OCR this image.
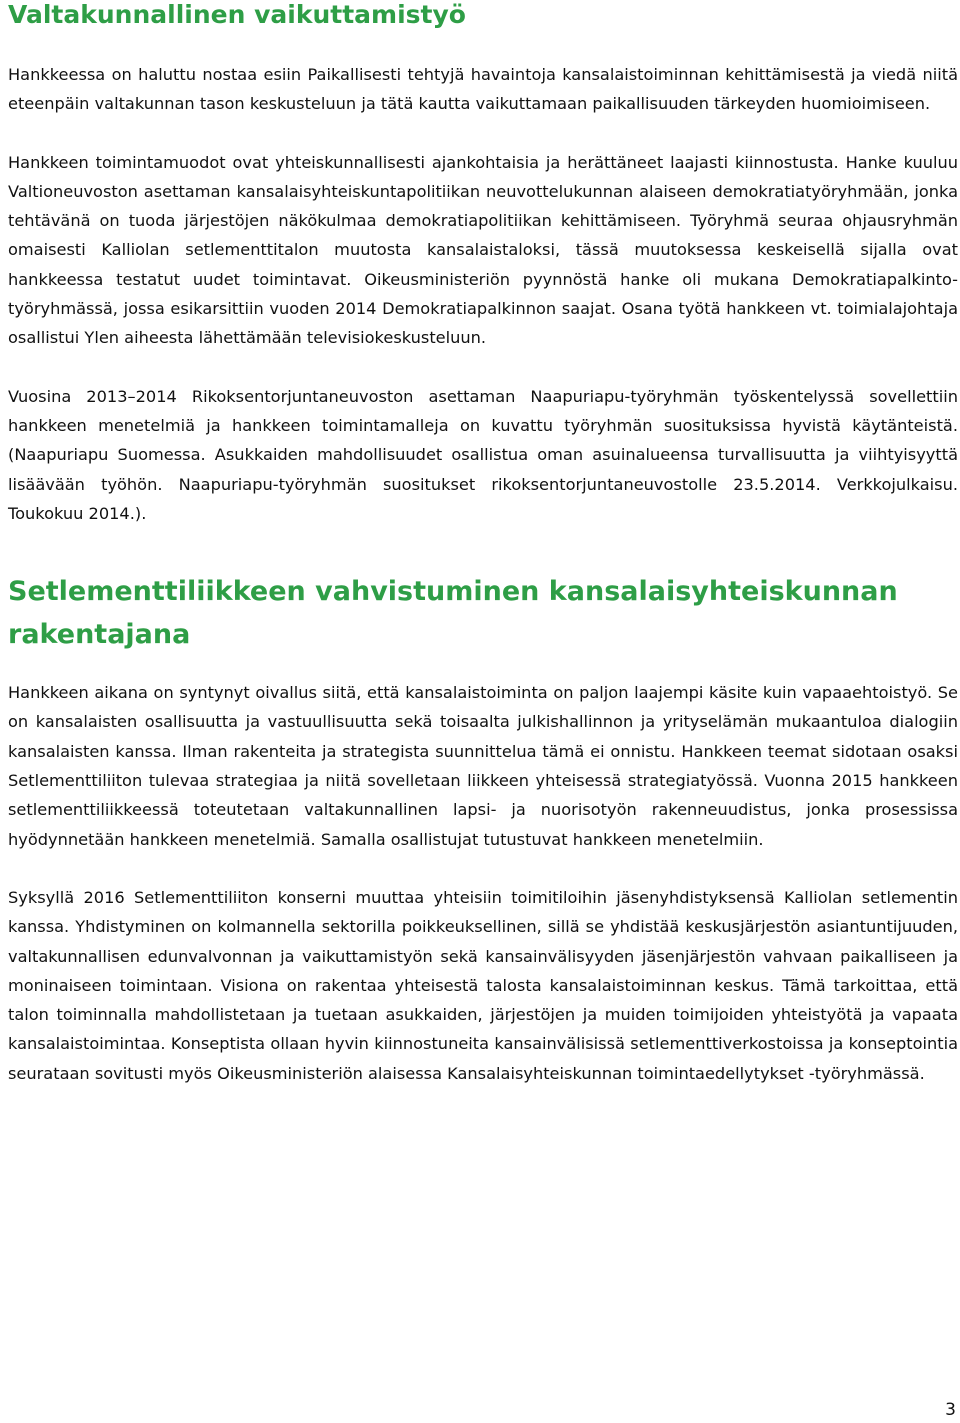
Valtakunnallinen vaikuttamistyö

Hankkeessa on haluttu nostaa esiin Paikallisesti tehtyjä havaintoja kansalaistoiminnan kehittämisestä ja viedä niitä eteenpäin valtakunnan tason keskusteluun ja tätä kautta vaikuttamaan paikallisuuden tärkeyden huomioimiseen.

Hankkeen toimintamuodot ovat yhteiskunnallisesti ajankohtaisia ja herättäneet laajasti kiinnostusta. Hanke kuuluu Valtioneuvoston asettaman kansalaisyhteiskuntapolitiikan neuvottelukunnan alaiseen demokratiatyöryhmään, jonka tehtävänä on tuoda järjestöjen näkökulmaa demokratiapolitiikan kehittämiseen. Työryhmä seuraa ohjausryhmän omaisesti Kalliolan setlementtitalon muutosta kansalaistaloksi, tässä muutoksessa keskeisellä sijalla ovat hankkeessa testatut uudet toimintavat. Oikeusministeriön pyynnöstä hanke oli mukana Demokratiapalkinto-työryhmässä, jossa esikarsittiin vuoden 2014 Demokratiapalkinnon saajat. Osana työtä hankkeen vt. toimialajohtaja osallistui Ylen aiheesta lähettämään televisiokeskusteluun.

Vuosina 2013–2014 Rikoksentorjuntaneuvoston asettaman Naapuriapu-työryhmän työskentelyssä sovellettiin hankkeen menetelmiä ja hankkeen toimintamalleja on kuvattu työryhmän suosituksissa hyvistä käytänteistä. (Naapuriapu Suomessa. Asukkaiden mahdollisuudet osallistua oman asuinalueensa turvallisuutta ja viihtyisyyttä lisäävään työhön. Naapuriapu-työryhmän suositukset rikoksentorjuntaneuvostolle 23.5.2014. Verkkojulkaisu. Toukokuu 2014.).

Setlementtiliikkeen vahvistuminen kansalaisyhteiskunnan rakentajana

Hankkeen aikana on syntynyt oivallus siitä, että kansalaistoiminta on paljon laajempi käsite kuin vapaaehtoistyö. Se on kansalaisten osallisuutta ja vastuullisuutta sekä toisaalta julkishallinnon ja yrityselämän mukaantuloa dialogiin kansalaisten kanssa. Ilman rakenteita ja strategista suunnittelua tämä ei onnistu. Hankkeen teemat sidotaan osaksi Setlementtiliiton tulevaa strategiaa ja niitä sovelletaan liikkeen yhteisessä strategiatyössä. Vuonna 2015 hankkeen setlementtiliikkeessä toteutetaan valtakunnallinen lapsi- ja nuorisotyön rakenneuudistus, jonka prosessissa hyödynnetään hankkeen menetelmiä. Samalla osallistujat tutustuvat hankkeen menetelmiin.

Syksyllä 2016 Setlementtiliiton konserni muuttaa yhteisiin toimitiloihin jäsenyhdistyksensä Kalliolan setlementin kanssa. Yhdistyminen on kolmannella sektorilla poikkeuksellinen, sillä se yhdistää keskusjärjestön asiantuntijuuden, valtakunnallisen edunvalvonnan ja vaikuttamistyön sekä kansainvälisyyden jäsenjärjestön vahvaan paikalliseen ja moninaiseen toimintaan. Visiona on rakentaa yhteisestä talosta kansalaistoiminnan keskus. Tämä tarkoittaa, että talon toiminnalla mahdollistetaan ja tuetaan asukkaiden, järjestöjen ja muiden toimijoiden yhteistyötä ja vapaata kansalaistoimintaa. Konseptista ollaan hyvin kiinnostuneita kansainvälisissä setlementtiverkostoissa ja konseptointia seurataan sovitusti myös Oikeusministeriön alaisessa Kansalaisyhteiskunnan toimintaedellytykset -työryhmässä.

3
